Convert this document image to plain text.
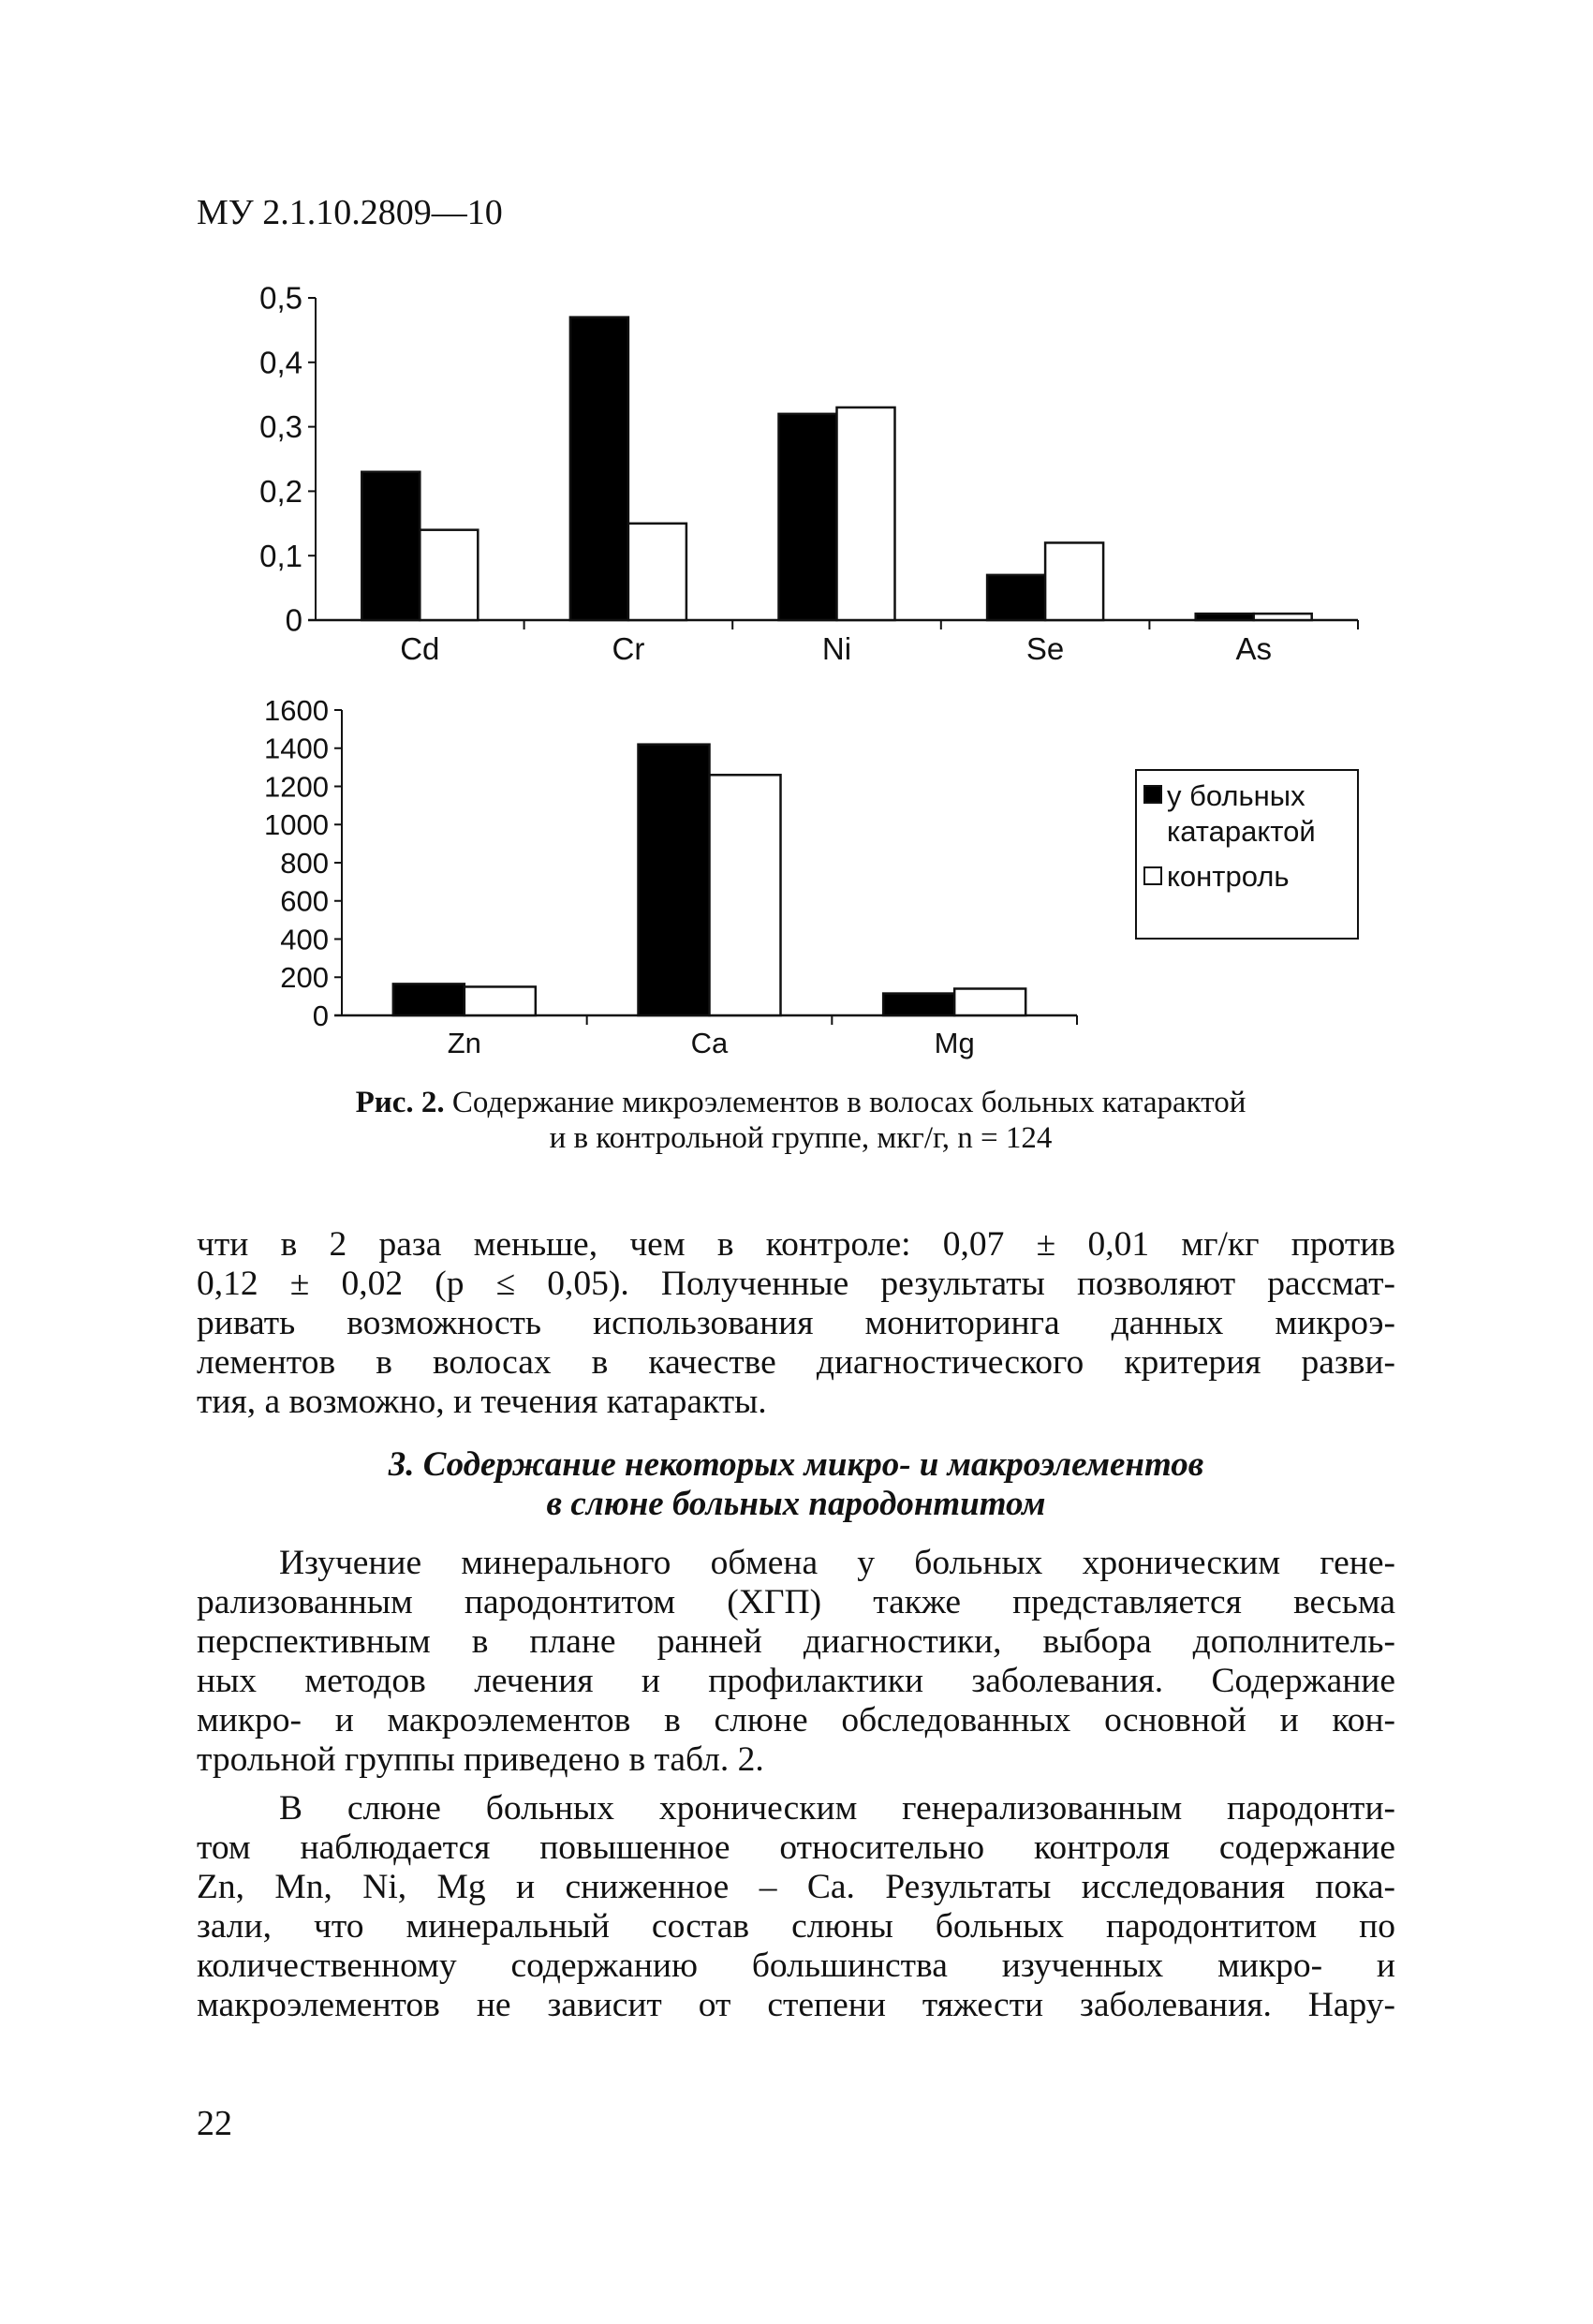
МУ 2.1.10.2809—10
0
0,1
0,2
0,3
0,4
0,5
Cd	Cr	Ni	Se	As
0
200
400
600
800
1000
1200
1400
1600
Zn	Ca	Mg
у больных
катарактой
контроль
Рис. 2. Содержание микроэлементов в волосах больных катарактой
и в контрольной группе, мкг/г, n = 124
чти в 2 раза меньше, чем в контроле: 0,07 ± 0,01 мг/кг против
0,12 ± 0,02 (р ≤ 0,05). Полученные результаты позволяют рассмат-
ривать возможность использования мониторинга данных микроэ-
лементов в волосах в качестве диагностического критерия разви-
тия, а возможно, и течения катаракты.
3. Содержание некоторых микро- и макроэлементов
в слюне больных пародонтитом
Изучение минерального обмена у больных хроническим гене-
рализованным пародонтитом (ХГП) также представляется весьма
перспективным в плане ранней диагностики, выбора дополнитель-
ных методов лечения и профилактики заболевания. Содержание
микро- и макроэлементов в слюне обследованных основной и кон-
трольной группы приведено в табл. 2.
В слюне больных хроническим генерализованным пародонти-
том наблюдается повышенное относительно контроля содержание
Zn, Mn, Ni, Mg и сниженное – Са. Результаты исследования пока-
зали, что минеральный состав слюны больных пародонтитом по
количественному содержанию большинства изученных микро- и
макроэлементов не зависит от степени тяжести заболевания. Нару-
22
